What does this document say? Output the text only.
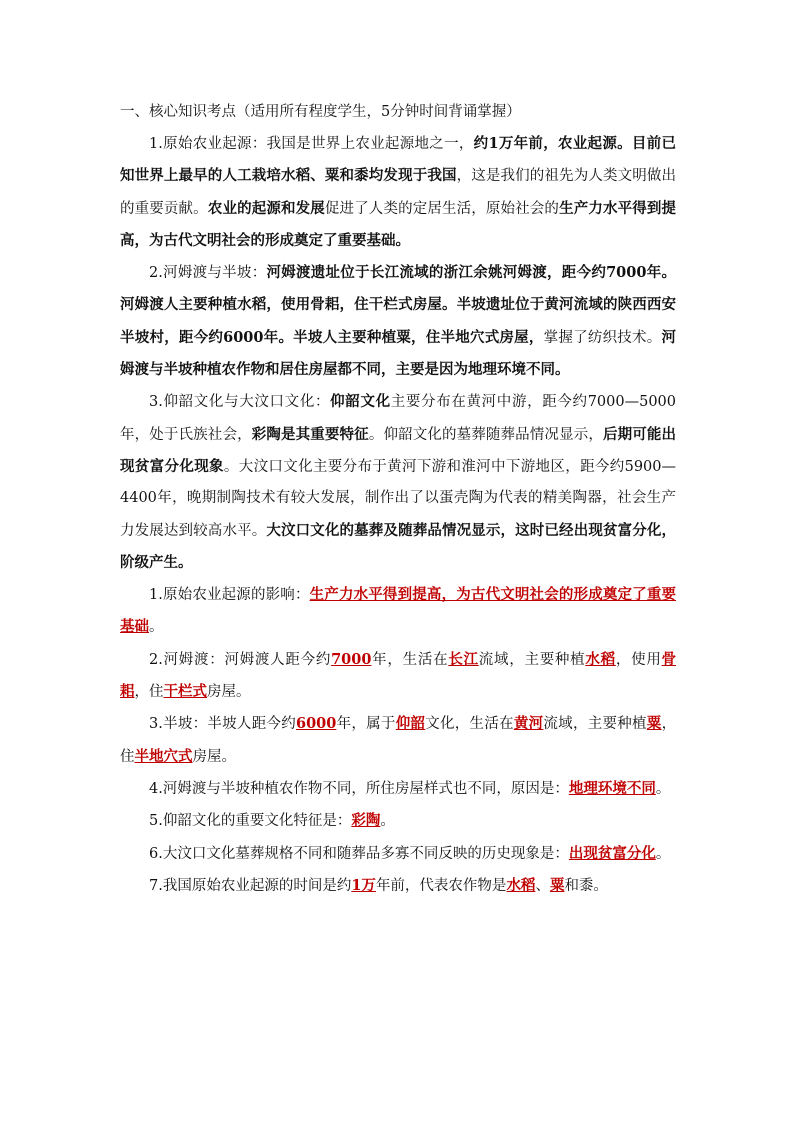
一、核心知识考点（适用所有程度学生，5分钟时间背诵掌握）

1.原始农业起源：我国是世界上农业起源地之一，约1万年前，农业起源。目前已知世界上最早的人工栽培水稻、粟和黍均发现于我国，这是我们的祖先为人类文明做出的重要贡献。农业的起源和发展促进了人类的定居生活，原始社会的生产力水平得到提高，为古代文明社会的形成奠定了重要基础。

2.河姆渡与半坡：河姆渡遗址位于长江流域的浙江余姚河姆渡，距今约7000年。河姆渡人主要种植水稻，使用骨耜，住干栏式房屋。半坡遗址位于黄河流域的陕西西安半坡村，距今约6000年。半坡人主要种植粟，住半地穴式房屋，掌握了纺织技术。河姆渡与半坡种植农作物和居住房屋都不同，主要是因为地理环境不同。

3.仰韶文化与大汶口文化：仰韶文化主要分布在黄河中游，距今约7000—5000年，处于氏族社会，彩陶是其重要特征。仰韶文化的墓葬随葬品情况显示，后期可能出现贫富分化现象。大汶口文化主要分布于黄河下游和淮河中下游地区，距今约5900—4400年，晚期制陶技术有较大发展，制作出了以蛋壳陶为代表的精美陶器，社会生产力发展达到较高水平。大汶口文化的墓葬及随葬品情况显示，这时已经出现贫富分化，阶级产生。

1.原始农业起源的影响：生产力水平得到提高，为古代文明社会的形成奠定了重要基础。

2.河姆渡：河姆渡人距今约7000年，生活在长江流域，主要种植水稻，使用骨耜，住干栏式房屋。

3.半坡：半坡人距今约6000年，属于仰韶文化，生活在黄河流域，主要种植粟，住半地穴式房屋。

4.河姆渡与半坡种植农作物不同，所住房屋样式也不同，原因是：地理环境不同。

5.仰韶文化的重要文化特征是：彩陶。

6.大汶口文化墓葬规格不同和随葬品多寡不同反映的历史现象是：出现贫富分化。

7.我国原始农业起源的时间是约1万年前，代表农作物是水稻、粟和黍。
